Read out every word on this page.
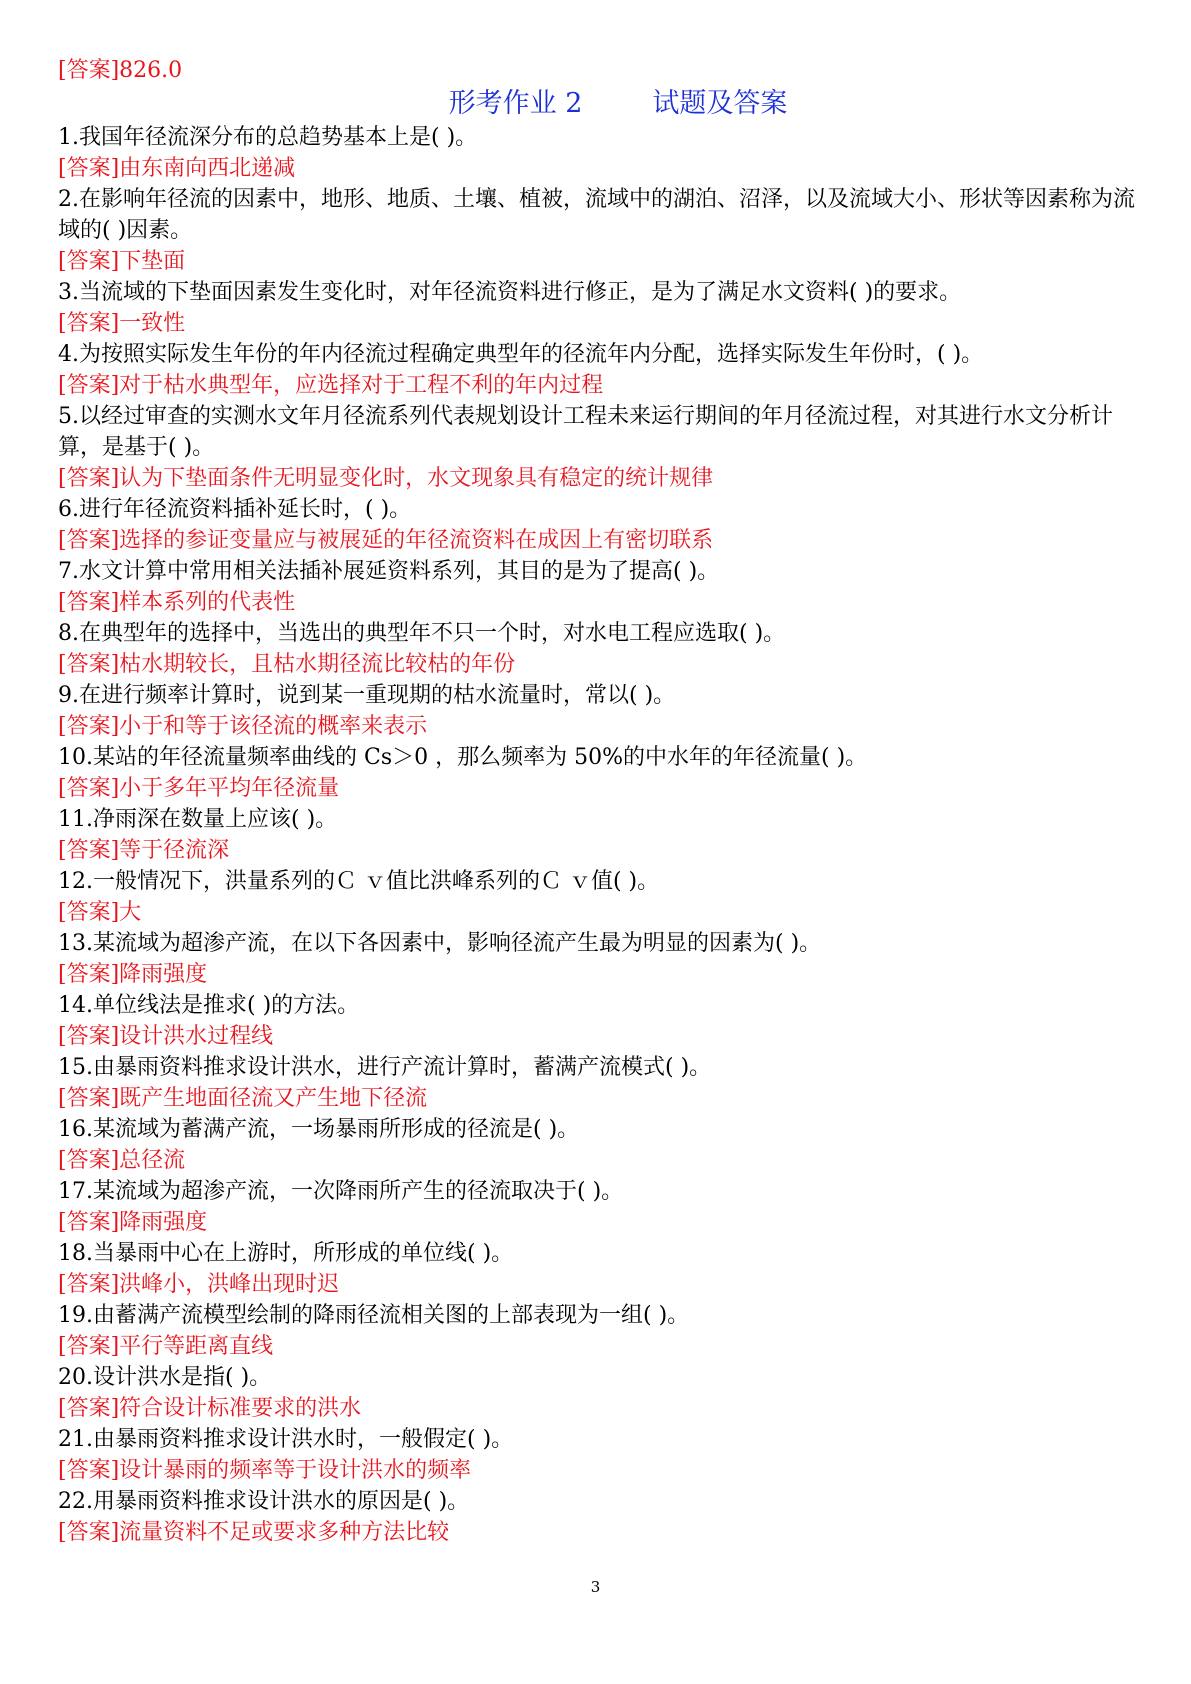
[答案]826.0
形考作业 2	试题及答案
1.我国年径流深分布的总趋势基本上是( )。
[答案]由东南向西北递减
2.在影响年径流的因素中，地形、地质、土壤、植被，流域中的湖泊、沼泽，以及流域大小、形状等因素称为流域的( )因素。
[答案]下垫面
3.当流域的下垫面因素发生变化时，对年径流资料进行修正，是为了满足水文资料( )的要求。
[答案]一致性
4.为按照实际发生年份的年内径流过程确定典型年的径流年内分配，选择实际发生年份时，( )。
[答案]对于枯水典型年，应选择对于工程不利的年内过程
5.以经过审查的实测水文年月径流系列代表规划设计工程未来运行期间的年月径流过程，对其进行水文分析计算，是基于( )。
[答案]认为下垫面条件无明显变化时，水文现象具有稳定的统计规律
6.进行年径流资料插补延长时，( )。
[答案]选择的参证变量应与被展延的年径流资料在成因上有密切联系
7.水文计算中常用相关法插补展延资料系列，其目的是为了提高( )。
[答案]样本系列的代表性
8.在典型年的选择中，当选出的典型年不只一个时，对水电工程应选取( )。
[答案]枯水期较长，且枯水期径流比较枯的年份
9.在进行频率计算时，说到某一重现期的枯水流量时，常以( )。
[答案]小于和等于该径流的概率来表示
10.某站的年径流量频率曲线的 Cs＞0 ，那么频率为 50%的中水年的年径流量( )。
[答案]小于多年平均年径流量
11.净雨深在数量上应该( )。
[答案]等于径流深
12.一般情况下，洪量系列的Ｃ ｖ值比洪峰系列的Ｃ ｖ值( )。
[答案]大
13.某流域为超渗产流，在以下各因素中，影响径流产生最为明显的因素为( )。
[答案]降雨强度
14.单位线法是推求( )的方法。
[答案]设计洪水过程线
15.由暴雨资料推求设计洪水，进行产流计算时，蓄满产流模式( )。
[答案]既产生地面径流又产生地下径流
16.某流域为蓄满产流，一场暴雨所形成的径流是( )。
[答案]总径流
17.某流域为超渗产流，一次降雨所产生的径流取决于( )。
[答案]降雨强度
18.当暴雨中心在上游时，所形成的单位线( )。
[答案]洪峰小，洪峰出现时迟
19.由蓄满产流模型绘制的降雨径流相关图的上部表现为一组( )。
[答案]平行等距离直线
20.设计洪水是指( )。
[答案]符合设计标准要求的洪水
21.由暴雨资料推求设计洪水时，一般假定( )。
[答案]设计暴雨的频率等于设计洪水的频率
22.用暴雨资料推求设计洪水的原因是( )。
[答案]流量资料不足或要求多种方法比较
3
